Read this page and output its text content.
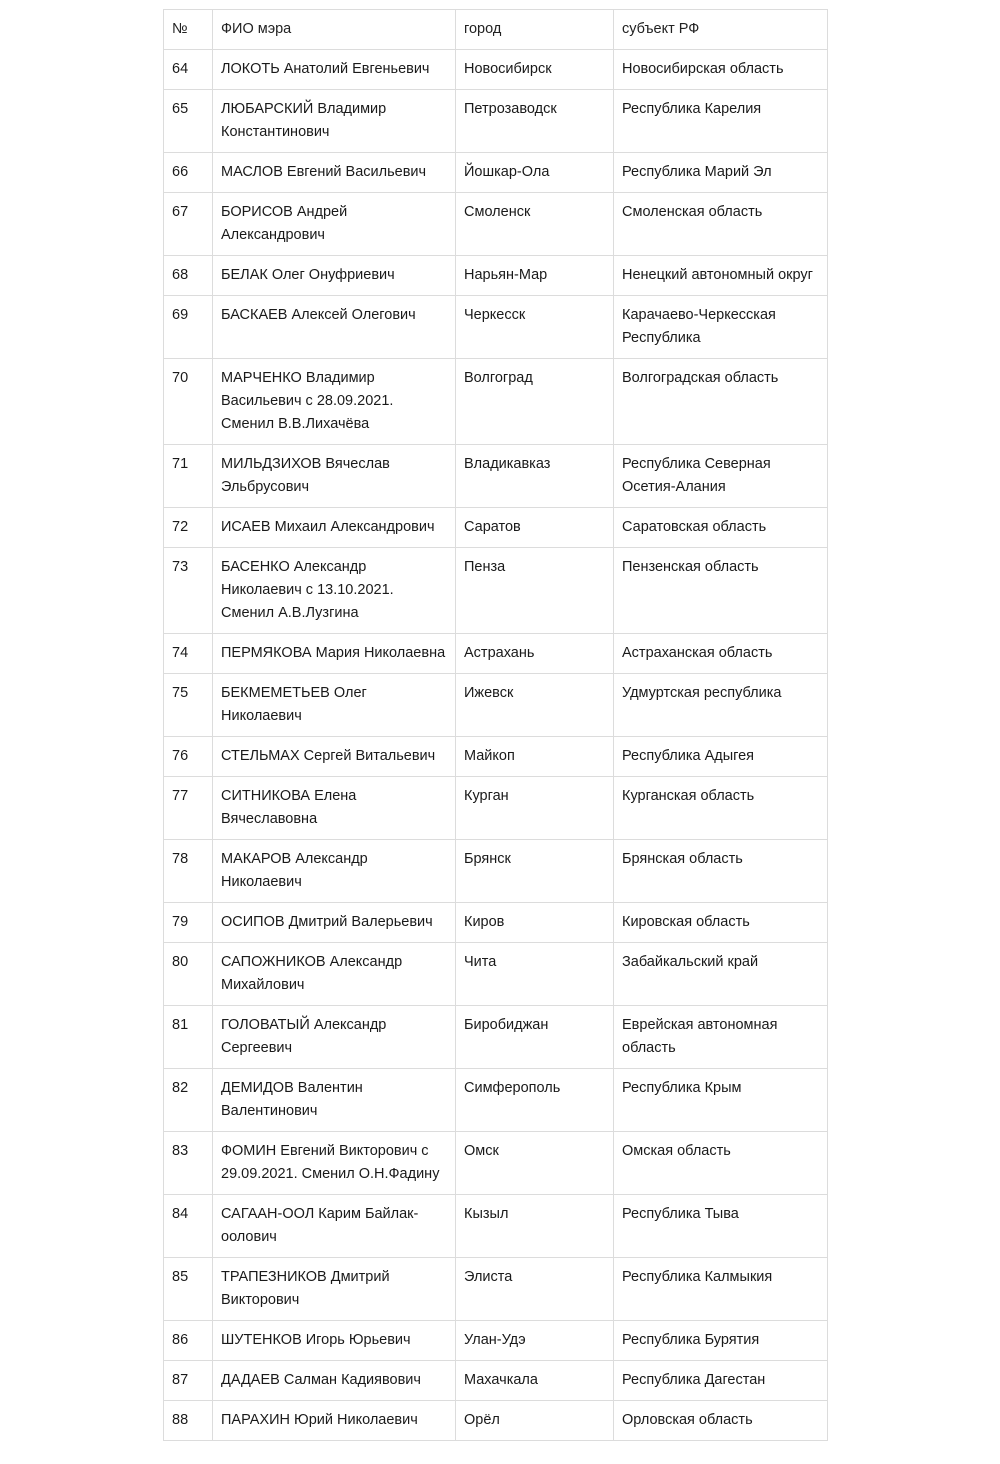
№	ФИО мэра	город	субъект РФ
64	ЛОКОТЬ Анатолий Евгеньевич	Новосибирск	Новосибирская область
65	ЛЮБАРСКИЙ Владимир Константинович	Петрозаводск	Республика Карелия
66	МАСЛОВ Евгений Васильевич	Йошкар-Ола	Республика Марий Эл
67	БОРИСОВ Андрей Александрович	Смоленск	Смоленская область
68	БЕЛАК Олег Онуфриевич	Нарьян-Мар	Ненецкий автономный округ
69	БАСКАЕВ Алексей Олегович	Черкесск	Карачаево-Черкесская Республика
70	МАРЧЕНКО Владимир Васильевич с 28.09.2021. Сменил В.В.Лихачёва	Волгоград	Волгоградская область
71	МИЛЬДЗИХОВ Вячеслав Эльбрусович	Владикавказ	Республика Северная Осетия-Алания
72	ИСАЕВ Михаил Александрович	Саратов	Саратовская область
73	БАСЕНКО Александр Николаевич с 13.10.2021. Сменил А.В.Лузгина	Пенза	Пензенская область
74	ПЕРМЯКОВА Мария Николаевна	Астрахань	Астраханская область
75	БЕКМЕМЕТЬЕВ Олег Николаевич	Ижевск	Удмуртская республика
76	СТЕЛЬМАХ Сергей Витальевич	Майкоп	Республика Адыгея
77	СИТНИКОВА Елена Вячеславовна	Курган	Курганская область
78	МАКАРОВ Александр Николаевич	Брянск	Брянская область
79	ОСИПОВ Дмитрий Валерьевич	Киров	Кировская область
80	САПОЖНИКОВ Александр Михайлович	Чита	Забайкальский край
81	ГОЛОВАТЫЙ Александр Сергеевич	Биробиджан	Еврейская автономная область
82	ДЕМИДОВ Валентин Валентинович	Симферополь	Республика Крым
83	ФОМИН Евгений Викторович с 29.09.2021. Сменил О.Н.Фадину	Омск	Омская область
84	САГААН-ООЛ Карим Байлак-оолович	Кызыл	Республика Тыва
85	ТРАПЕЗНИКОВ Дмитрий Викторович	Элиста	Республика Калмыкия
86	ШУТЕНКОВ Игорь Юрьевич	Улан-Удэ	Республика Бурятия
87	ДАДАЕВ Салман Кадиявович	Махачкала	Республика Дагестан
88	ПАРАХИН Юрий Николаевич	Орёл	Орловская область
